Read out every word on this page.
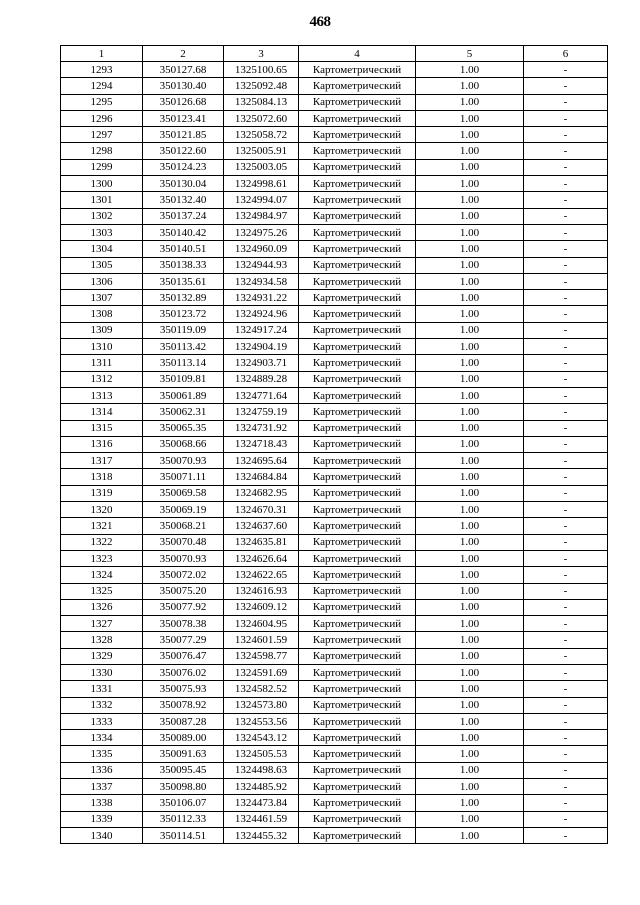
468
1	2	3	4	5	6
1293	350127.68	1325100.65	Картометрический	1.00	-
1294	350130.40	1325092.48	Картометрический	1.00	-
1295	350126.68	1325084.13	Картометрический	1.00	-
1296	350123.41	1325072.60	Картометрический	1.00	-
1297	350121.85	1325058.72	Картометрический	1.00	-
1298	350122.60	1325005.91	Картометрический	1.00	-
1299	350124.23	1325003.05	Картометрический	1.00	-
1300	350130.04	1324998.61	Картометрический	1.00	-
1301	350132.40	1324994.07	Картометрический	1.00	-
1302	350137.24	1324984.97	Картометрический	1.00	-
1303	350140.42	1324975.26	Картометрический	1.00	-
1304	350140.51	1324960.09	Картометрический	1.00	-
1305	350138.33	1324944.93	Картометрический	1.00	-
1306	350135.61	1324934.58	Картометрический	1.00	-
1307	350132.89	1324931.22	Картометрический	1.00	-
1308	350123.72	1324924.96	Картометрический	1.00	-
1309	350119.09	1324917.24	Картометрический	1.00	-
1310	350113.42	1324904.19	Картометрический	1.00	-
1311	350113.14	1324903.71	Картометрический	1.00	-
1312	350109.81	1324889.28	Картометрический	1.00	-
1313	350061.89	1324771.64	Картометрический	1.00	-
1314	350062.31	1324759.19	Картометрический	1.00	-
1315	350065.35	1324731.92	Картометрический	1.00	-
1316	350068.66	1324718.43	Картометрический	1.00	-
1317	350070.93	1324695.64	Картометрический	1.00	-
1318	350071.11	1324684.84	Картометрический	1.00	-
1319	350069.58	1324682.95	Картометрический	1.00	-
1320	350069.19	1324670.31	Картометрический	1.00	-
1321	350068.21	1324637.60	Картометрический	1.00	-
1322	350070.48	1324635.81	Картометрический	1.00	-
1323	350070.93	1324626.64	Картометрический	1.00	-
1324	350072.02	1324622.65	Картометрический	1.00	-
1325	350075.20	1324616.93	Картометрический	1.00	-
1326	350077.92	1324609.12	Картометрический	1.00	-
1327	350078.38	1324604.95	Картометрический	1.00	-
1328	350077.29	1324601.59	Картометрический	1.00	-
1329	350076.47	1324598.77	Картометрический	1.00	-
1330	350076.02	1324591.69	Картометрический	1.00	-
1331	350075.93	1324582.52	Картометрический	1.00	-
1332	350078.92	1324573.80	Картометрический	1.00	-
1333	350087.28	1324553.56	Картометрический	1.00	-
1334	350089.00	1324543.12	Картометрический	1.00	-
1335	350091.63	1324505.53	Картометрический	1.00	-
1336	350095.45	1324498.63	Картометрический	1.00	-
1337	350098.80	1324485.92	Картометрический	1.00	-
1338	350106.07	1324473.84	Картометрический	1.00	-
1339	350112.33	1324461.59	Картометрический	1.00	-
1340	350114.51	1324455.32	Картометрический	1.00	-
